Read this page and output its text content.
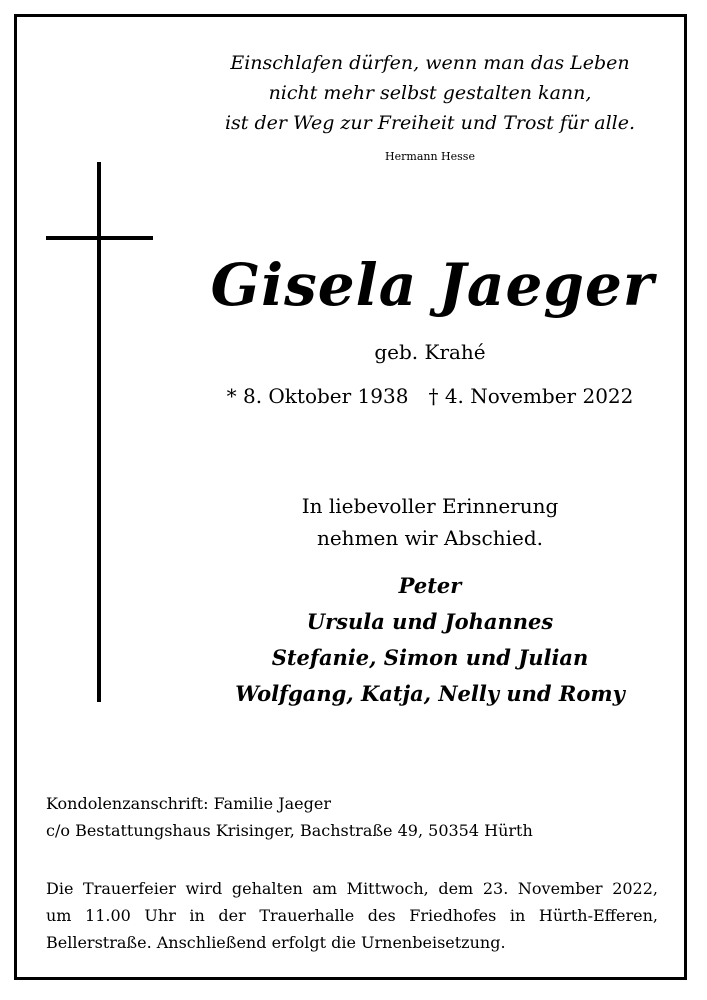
Einschlafen dürfen, wenn man das Leben
nicht mehr selbst gestalten kann,
ist der Weg zur Freiheit und Trost für alle.
Hermann Hesse
Gisela Jaeger
geb. Krahé
* 8. Oktober 1938 † 4. November 2022
In liebevoller Erinnerung
nehmen wir Abschied.
Peter
Ursula und Johannes
Stefanie, Simon und Julian
Wolfgang, Katja, Nelly und Romy
Kondolenzanschrift: Familie Jaeger
c/o Bestattungshaus Krisinger, Bachstraße 49, 50354 Hürth
Die Trauerfeier wird gehalten am Mittwoch, dem 23. November 2022,
um 11.00 Uhr in der Trauerhalle des Friedhofes in Hürth-Efferen,
Bellerstraße. Anschließend erfolgt die Urnenbeisetzung.
